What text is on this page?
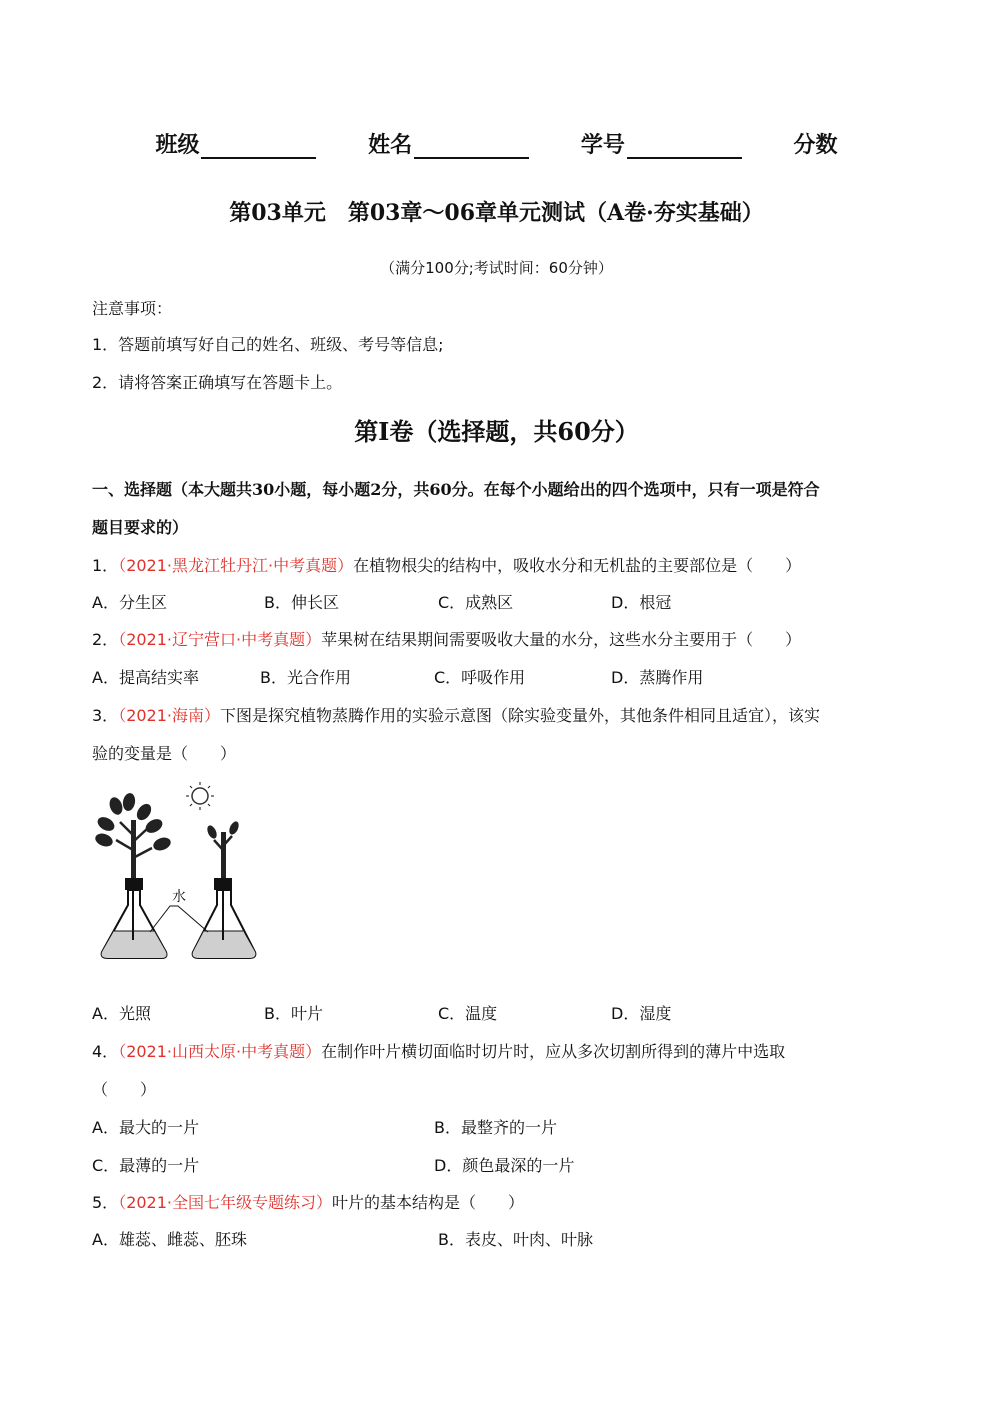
班级	姓名	学号	分数
第03单元　第03章～06章单元测试（A卷·夯实基础）
（满分100分;考试时间：60分钟）
注意事项：
1．答题前填写好自己的姓名、班级、考号等信息;
2．请将答案正确填写在答题卡上。
第Ⅰ卷（选择题，共60分）
一、选择题（本大题共30小题，每小题2分，共60分。在每个小题给出的四个选项中，只有一项是符合
题目要求的）
1．（2021·黑龙江牡丹江·中考真题）在植物根尖的结构中，吸收水分和无机盐的主要部位是（　　）
A．分生区	B．伸长区	C．成熟区	D．根冠
2．（2021·辽宁营口·中考真题）苹果树在结果期间需要吸收大量的水分，这些水分主要用于（　　）
A．提高结实率	B．光合作用	C．呼吸作用	D．蒸腾作用
3．（2021·海南）下图是探究植物蒸腾作用的实验示意图（除实验变量外，其他条件相同且适宜），该实
验的变量是（　　）
水
A．光照	B．叶片	C．温度	D．湿度
4．（2021·山西太原·中考真题）在制作叶片横切面临时切片时，应从多次切割所得到的薄片中选取
（　　）
A．最大的一片	B．最整齐的一片
C．最薄的一片	D．颜色最深的一片
5．（2021·全国七年级专题练习）叶片的基本结构是（　　）
A．雄蕊、雌蕊、胚珠	B．表皮、叶肉、叶脉
